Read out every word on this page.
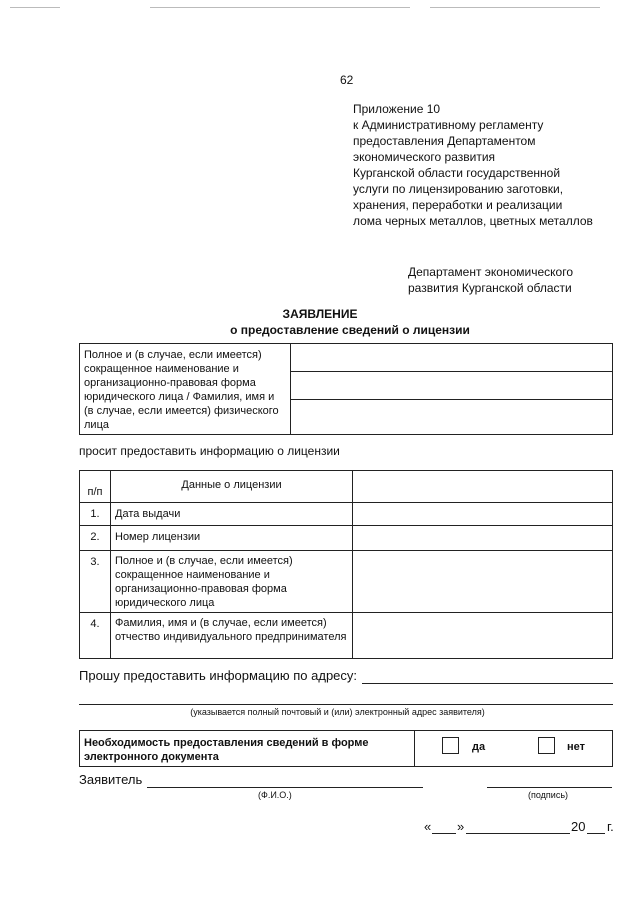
62
Приложение 10
к Административному регламенту
предоставления Департаментом
экономического развития
Курганской области государственной
услуги по лицензированию заготовки,
хранения, переработки и реализации
лома черных металлов, цветных металлов
Департамент экономического
развития Курганской области
ЗАЯВЛЕНИЕ
о предоставление сведений о лицензии
Полное и (в случае, если имеется) сокращенное наименование и организационно-правовая форма юридического лица / Фамилия, имя и (в случае, если имеется) физического лица

просит предоставить информацию о лицензии
п/п	Данные о лицензии	

1.	Дата выдачи	

2.	Номер лицензии	

3.	Полное и (в случае, если имеется) сокращенное наименование и организационно-правовая форма юридического лица	

4.	Фамилия, имя и (в случае, если имеется) отчество индивидуального предпринимателя	

Прошу предоставить информацию по адресу:
(указывается полный почтовый и (или) электронный адрес заявителя)
Необходимость предоставления сведений в форме электронного документа

да	нет
Заявитель
(Ф.И.О.)	(подпись)
« »	20 г.
